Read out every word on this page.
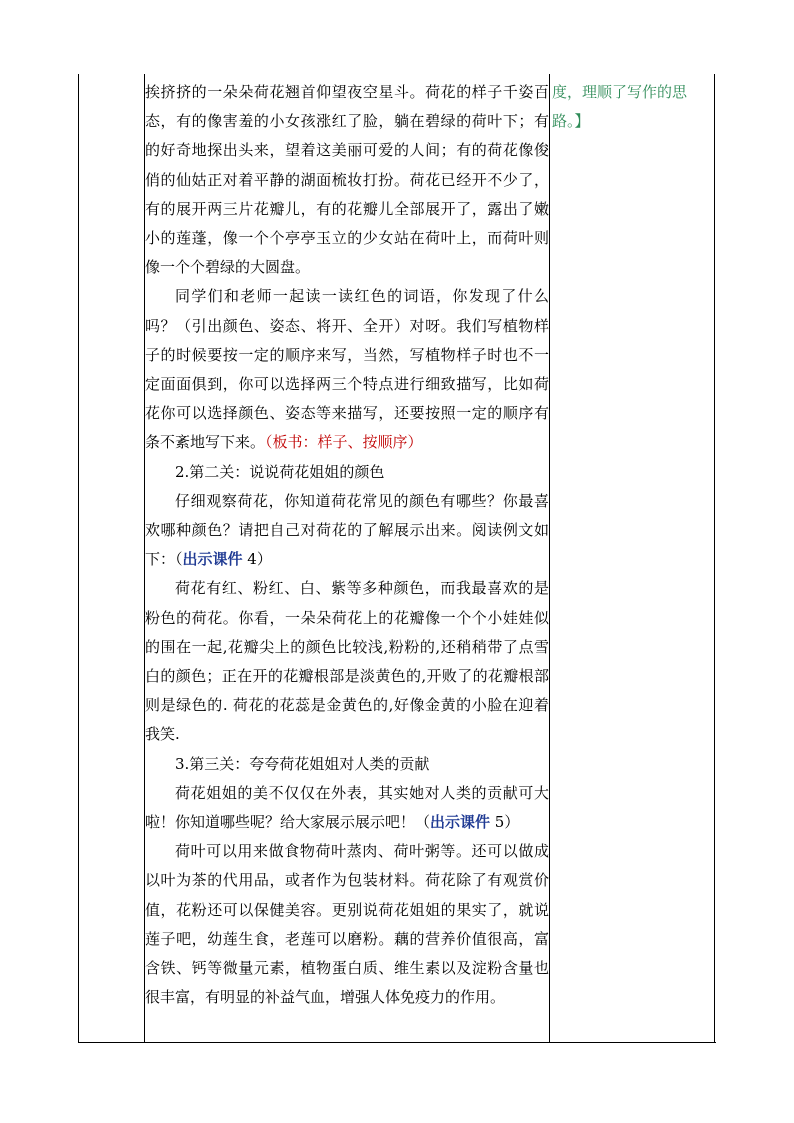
挨挤挤的一朵朵荷花翘首仰望夜空星斗。荷花的样子千姿百态，有的像害羞的小女孩涨红了脸，躺在碧绿的荷叶下；有的好奇地探出头来，望着这美丽可爱的人间；有的荷花像俊俏的仙姑正对着平静的湖面梳妆打扮。荷花已经开不少了，有的展开两三片花瓣儿，有的花瓣儿全部展开了，露出了嫩小的莲蓬，像一个个亭亭玉立的少女站在荷叶上，而荷叶则像一个个碧绿的大圆盘。

同学们和老师一起读一读红色的词语，你发现了什么吗？（引出颜色、姿态、将开、全开）对呀。我们写植物样子的时候要按一定的顺序来写，当然，写植物样子时也不一定面面俱到，你可以选择两三个特点进行细致描写，比如荷花你可以选择颜色、姿态等来描写，还要按照一定的顺序有条不紊地写下来。（板书：样子、按顺序）

2.第二关：说说荷花姐姐的颜色

仔细观察荷花，你知道荷花常见的颜色有哪些？你最喜欢哪种颜色？请把自己对荷花的了解展示出来。阅读例文如下：（出示课件 4）

荷花有红、粉红、白、紫等多种颜色，而我最喜欢的是粉色的荷花。你看，一朵朵荷花上的花瓣像一个个小娃娃似的围在一起,花瓣尖上的颜色比较浅,粉粉的,还稍稍带了点雪白的颜色；正在开的花瓣根部是淡黄色的,开败了的花瓣根部则是绿色的. 荷花的花蕊是金黄色的,好像金黄的小脸在迎着我笑.

3.第三关：夸夸荷花姐姐对人类的贡献

荷花姐姐的美不仅仅在外表，其实她对人类的贡献可大啦！你知道哪些呢？给大家展示展示吧！（出示课件 5）

荷叶可以用来做食物荷叶蒸肉、荷叶粥等。还可以做成以叶为茶的代用品，或者作为包装材料。荷花除了有观赏价值，花粉还可以保健美容。更别说荷花姐姐的果实了，就说莲子吧，幼莲生食，老莲可以磨粉。藕的营养价值很高，富含铁、钙等微量元素，植物蛋白质、维生素以及淀粉含量也很丰富，有明显的补益气血，增强人体免疫力的作用。

度，理顺了写作的思路。】
